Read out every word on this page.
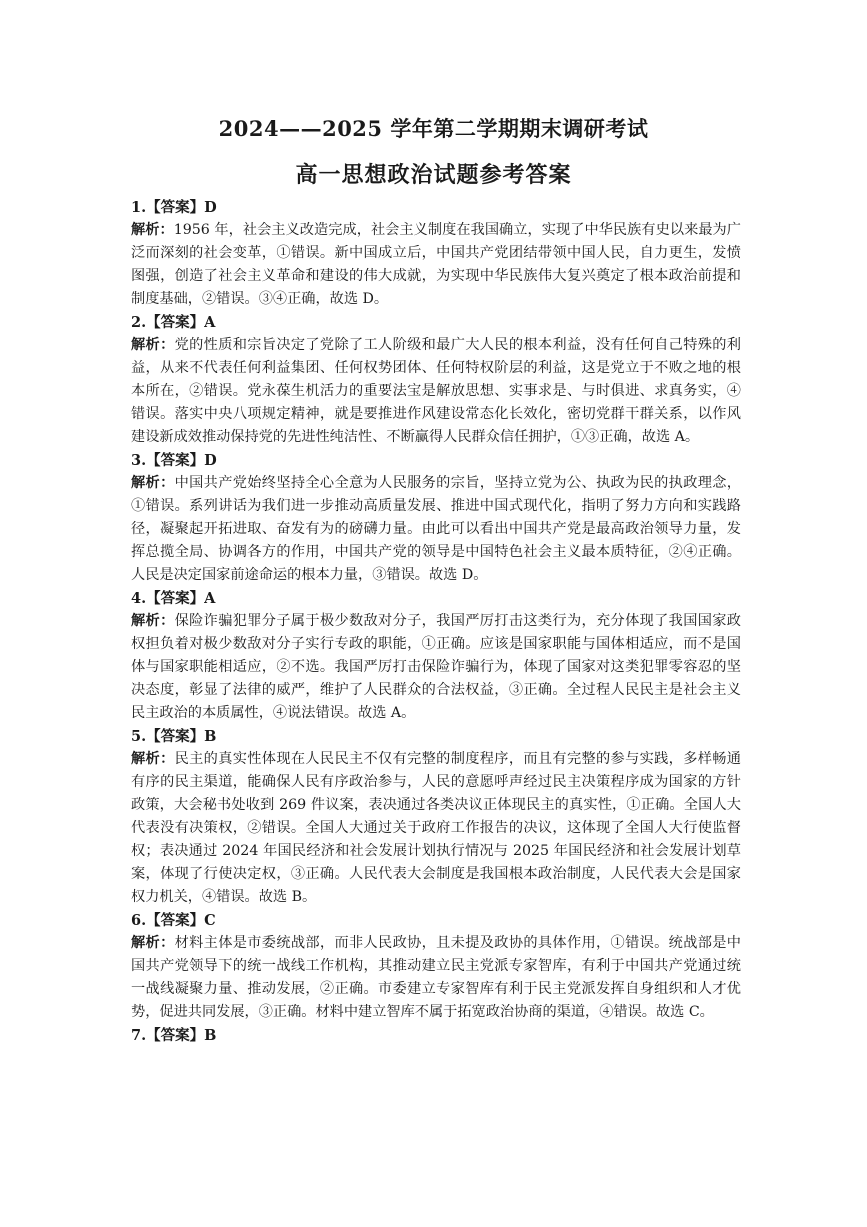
2024——2025 学年第二学期期末调研考试
高一思想政治试题参考答案
1.【答案】D
解析：1956 年，社会主义改造完成，社会主义制度在我国确立，实现了中华民族有史以来最为广泛而深刻的社会变革，①错误。新中国成立后，中国共产党团结带领中国人民，自力更生，发愤图强，创造了社会主义革命和建设的伟大成就，为实现中华民族伟大复兴奠定了根本政治前提和制度基础，②错误。③④正确，故选 D。
2.【答案】A
解析：党的性质和宗旨决定了党除了工人阶级和最广大人民的根本利益，没有任何自己特殊的利益，从来不代表任何利益集团、任何权势团体、任何特权阶层的利益，这是党立于不败之地的根本所在，②错误。党永葆生机活力的重要法宝是解放思想、实事求是、与时俱进、求真务实，④错误。落实中央八项规定精神，就是要推进作风建设常态化长效化，密切党群干群关系，以作风建设新成效推动保持党的先进性纯洁性、不断赢得人民群众信任拥护，①③正确，故选 A。
3.【答案】D
解析：中国共产党始终坚持全心全意为人民服务的宗旨，坚持立党为公、执政为民的执政理念，①错误。系列讲话为我们进一步推动高质量发展、推进中国式现代化，指明了努力方向和实践路径，凝聚起开拓进取、奋发有为的磅礴力量。由此可以看出中国共产党是最高政治领导力量，发挥总揽全局、协调各方的作用，中国共产党的领导是中国特色社会主义最本质特征，②④正确。人民是决定国家前途命运的根本力量，③错误。故选 D。
4.【答案】A
解析：保险诈骗犯罪分子属于极少数敌对分子，我国严厉打击这类行为，充分体现了我国国家政权担负着对极少数敌对分子实行专政的职能，①正确。应该是国家职能与国体相适应，而不是国体与国家职能相适应，②不选。我国严厉打击保险诈骗行为，体现了国家对这类犯罪零容忍的坚决态度，彰显了法律的威严，维护了人民群众的合法权益，③正确。全过程人民民主是社会主义民主政治的本质属性，④说法错误。故选 A。
5.【答案】B
解析：民主的真实性体现在人民民主不仅有完整的制度程序，而且有完整的参与实践，多样畅通有序的民主渠道，能确保人民有序政治参与，人民的意愿呼声经过民主决策程序成为国家的方针政策，大会秘书处收到 269 件议案，表决通过各类决议正体现民主的真实性，①正确。全国人大代表没有决策权，②错误。全国人大通过关于政府工作报告的决议，这体现了全国人大行使监督权；表决通过 2024 年国民经济和社会发展计划执行情况与 2025 年国民经济和社会发展计划草案，体现了行使决定权，③正确。人民代表大会制度是我国根本政治制度，人民代表大会是国家权力机关，④错误。故选 B。
6.【答案】C
解析：材料主体是市委统战部，而非人民政协，且未提及政协的具体作用，①错误。统战部是中国共产党领导下的统一战线工作机构，其推动建立民主党派专家智库，有利于中国共产党通过统一战线凝聚力量、推动发展，②正确。市委建立专家智库有利于民主党派发挥自身组织和人才优势，促进共同发展，③正确。材料中建立智库不属于拓宽政治协商的渠道，④错误。故选 C。
7.【答案】B
